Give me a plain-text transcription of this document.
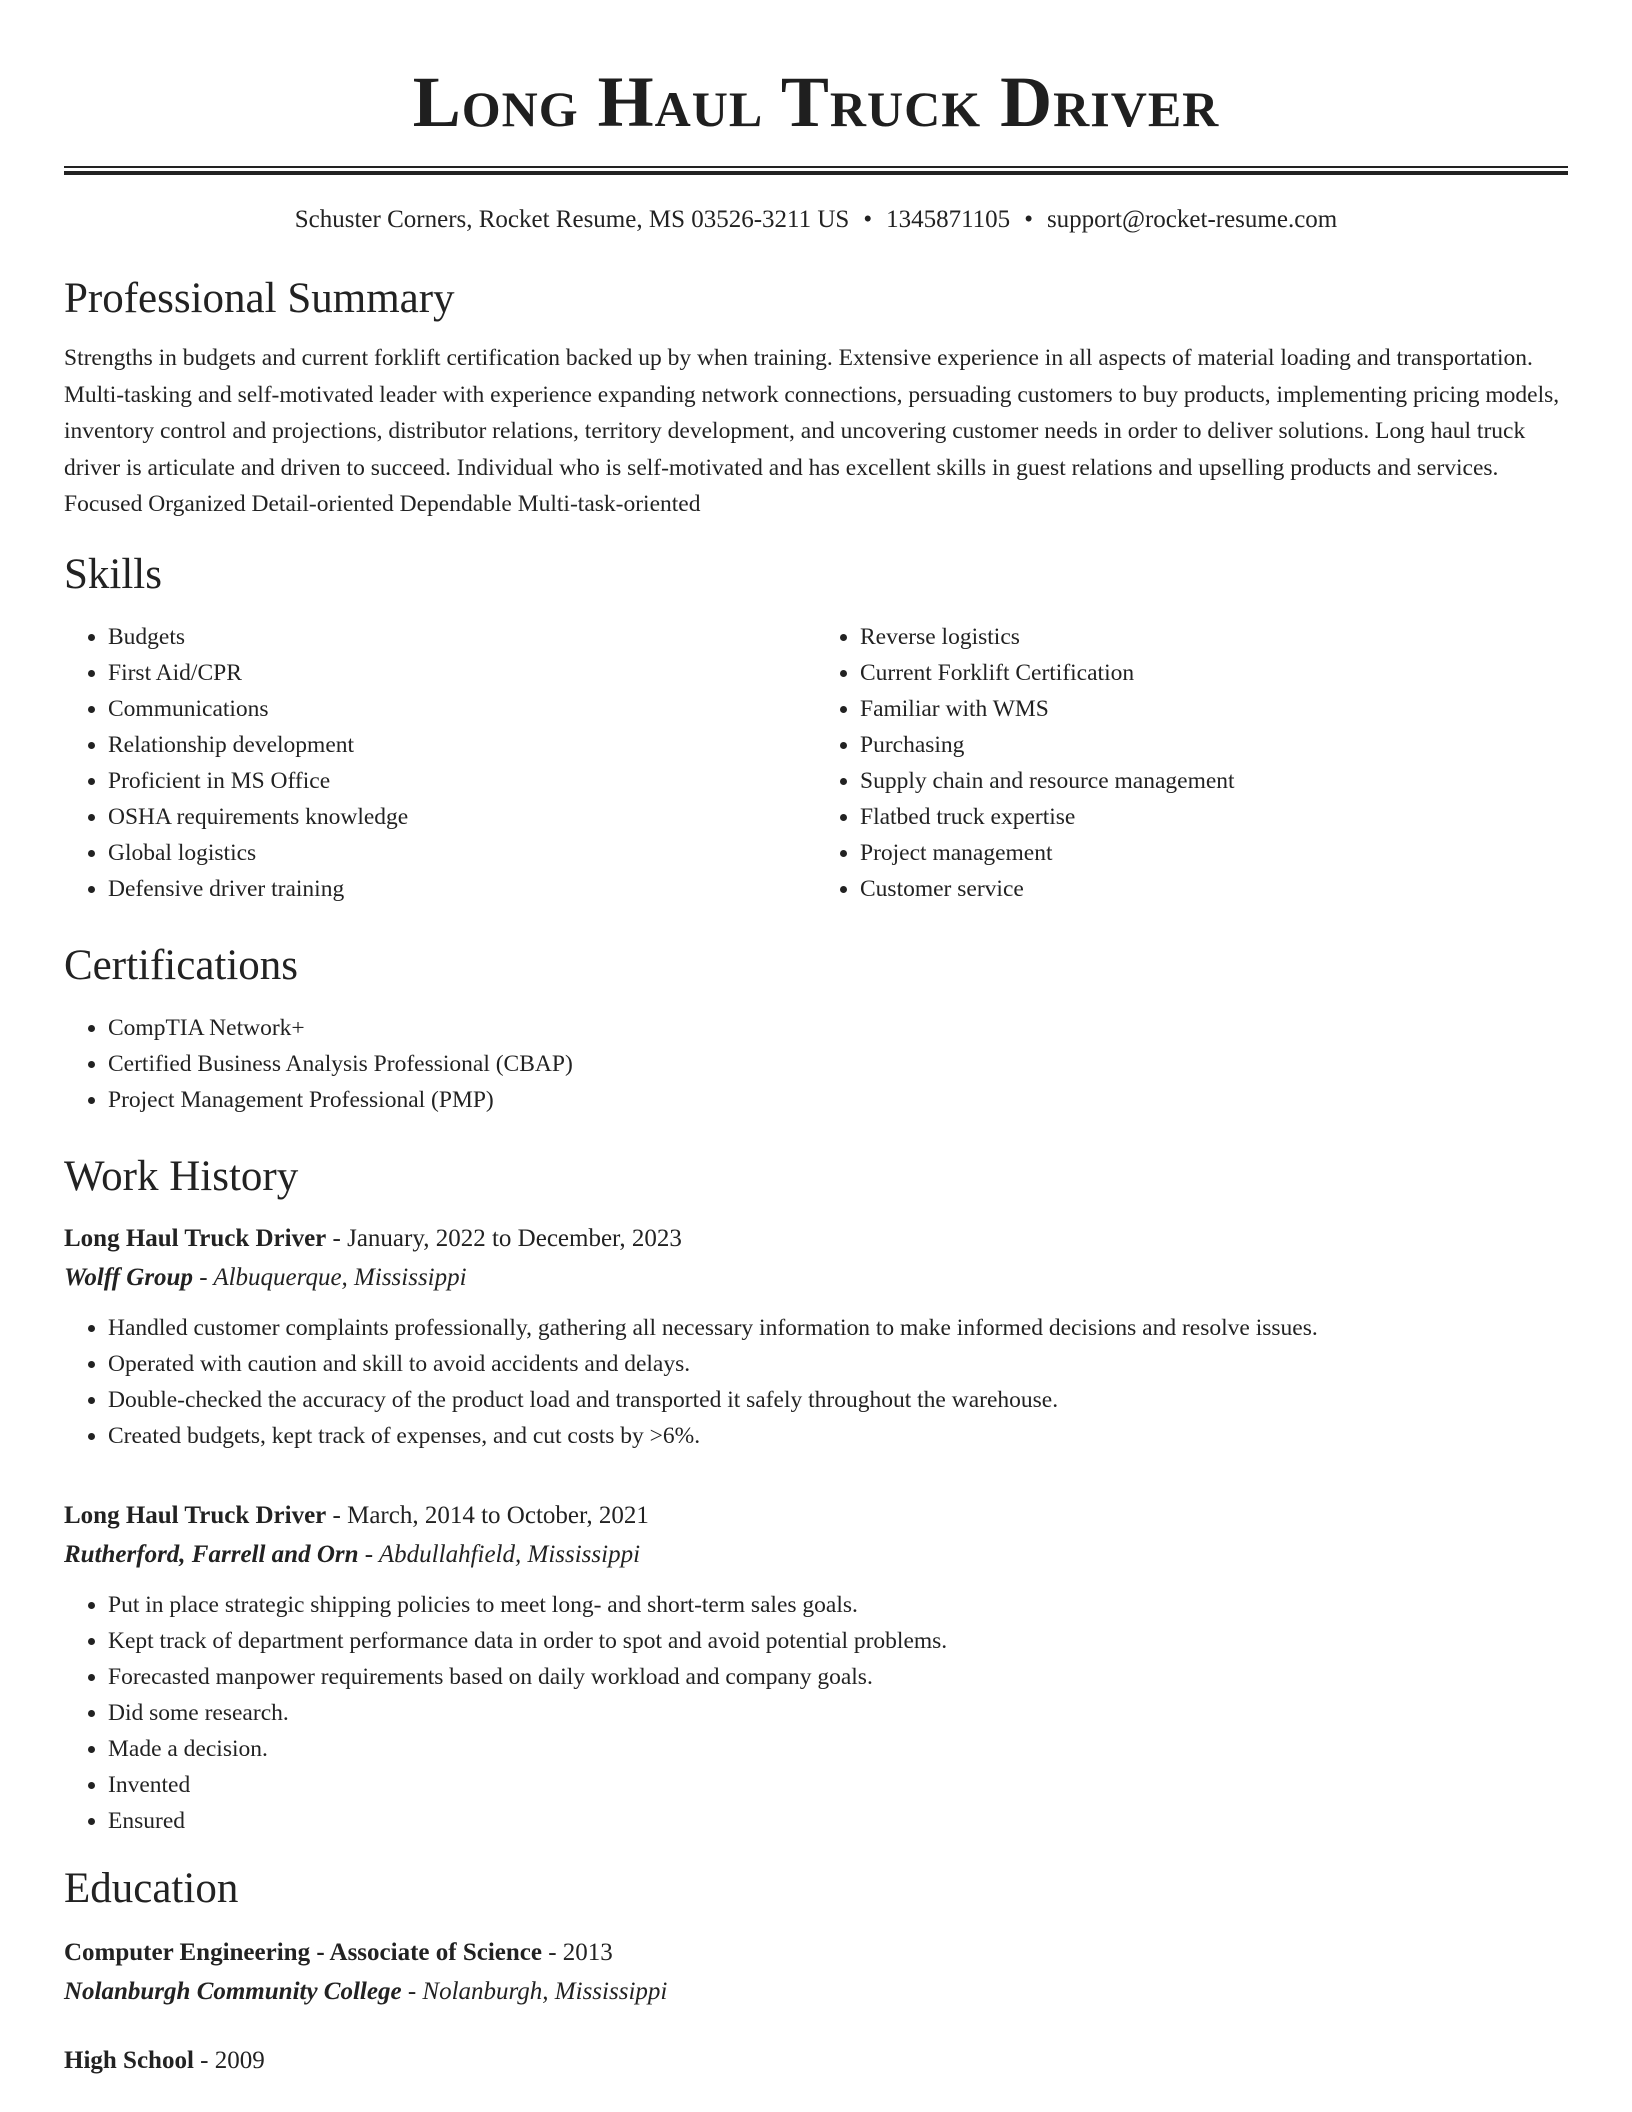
Long Haul Truck Driver
Schuster Corners, Rocket Resume, MS 03526-3211 US • 1345871105 • support@rocket-resume.com
Professional Summary
Strengths in budgets and current forklift certification backed up by when training. Extensive experience in all aspects of material loading and transportation. Multi-tasking and self-motivated leader with experience expanding network connections, persuading customers to buy products, implementing pricing models, inventory control and projections, distributor relations, territory development, and uncovering customer needs in order to deliver solutions. Long haul truck driver is articulate and driven to succeed. Individual who is self-motivated and has excellent skills in guest relations and upselling products and services. Focused Organized Detail-oriented Dependable Multi-task-oriented
Skills
• Budgets
• First Aid/CPR
• Communications
• Relationship development
• Proficient in MS Office
• OSHA requirements knowledge
• Global logistics
• Defensive driver training
• Reverse logistics
• Current Forklift Certification
• Familiar with WMS
• Purchasing
• Supply chain and resource management
• Flatbed truck expertise
• Project management
• Customer service
Certifications
• CompTIA Network+
• Certified Business Analysis Professional (CBAP)
• Project Management Professional (PMP)
Work History
Long Haul Truck Driver - January, 2022 to December, 2023
Wolff Group - Albuquerque, Mississippi
• Handled customer complaints professionally, gathering all necessary information to make informed decisions and resolve issues.
• Operated with caution and skill to avoid accidents and delays.
• Double-checked the accuracy of the product load and transported it safely throughout the warehouse.
• Created budgets, kept track of expenses, and cut costs by >6%.
Long Haul Truck Driver - March, 2014 to October, 2021
Rutherford, Farrell and Orn - Abdullahfield, Mississippi
• Put in place strategic shipping policies to meet long- and short-term sales goals.
• Kept track of department performance data in order to spot and avoid potential problems.
• Forecasted manpower requirements based on daily workload and company goals.
• Did some research.
• Made a decision.
• Invented
• Ensured
Education
Computer Engineering - Associate of Science - 2013
Nolanburgh Community College - Nolanburgh, Mississippi
High School - 2009
